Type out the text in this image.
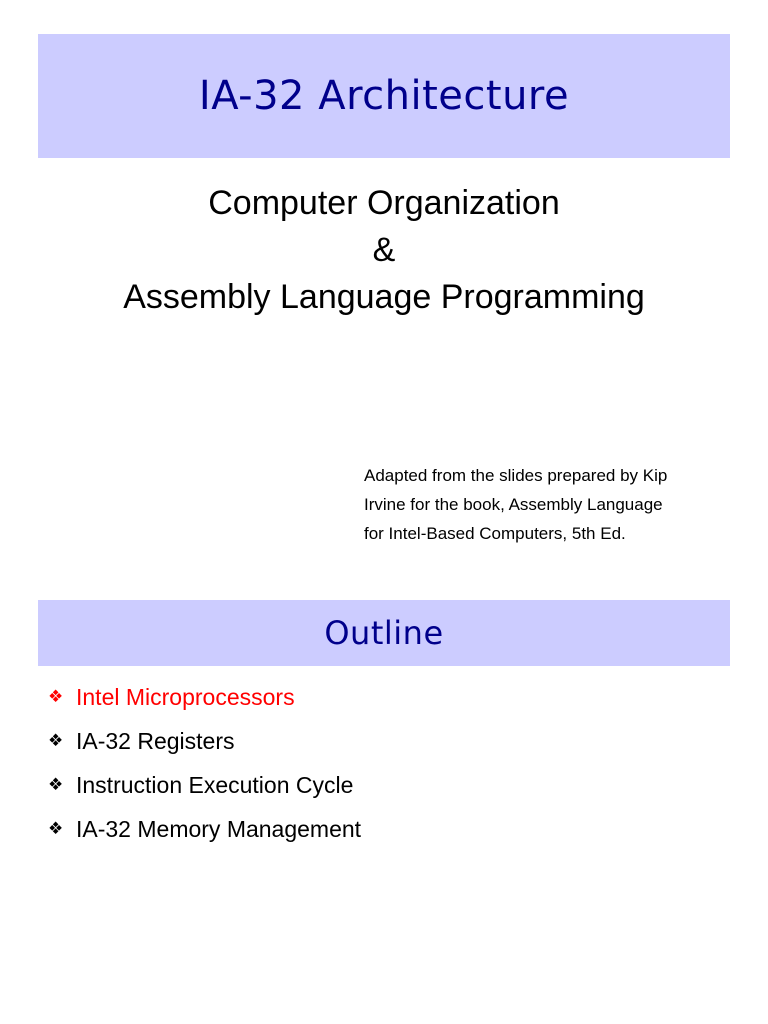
IA-32 Architecture
Computer Organization
&
Assembly Language Programming
Adapted from the slides prepared by Kip
Irvine for the book, Assembly Language
for Intel-Based Computers, 5th Ed.
Outline
❖ Intel Microprocessors
❖ IA-32 Registers
❖ Instruction Execution Cycle
❖ IA-32 Memory Management
